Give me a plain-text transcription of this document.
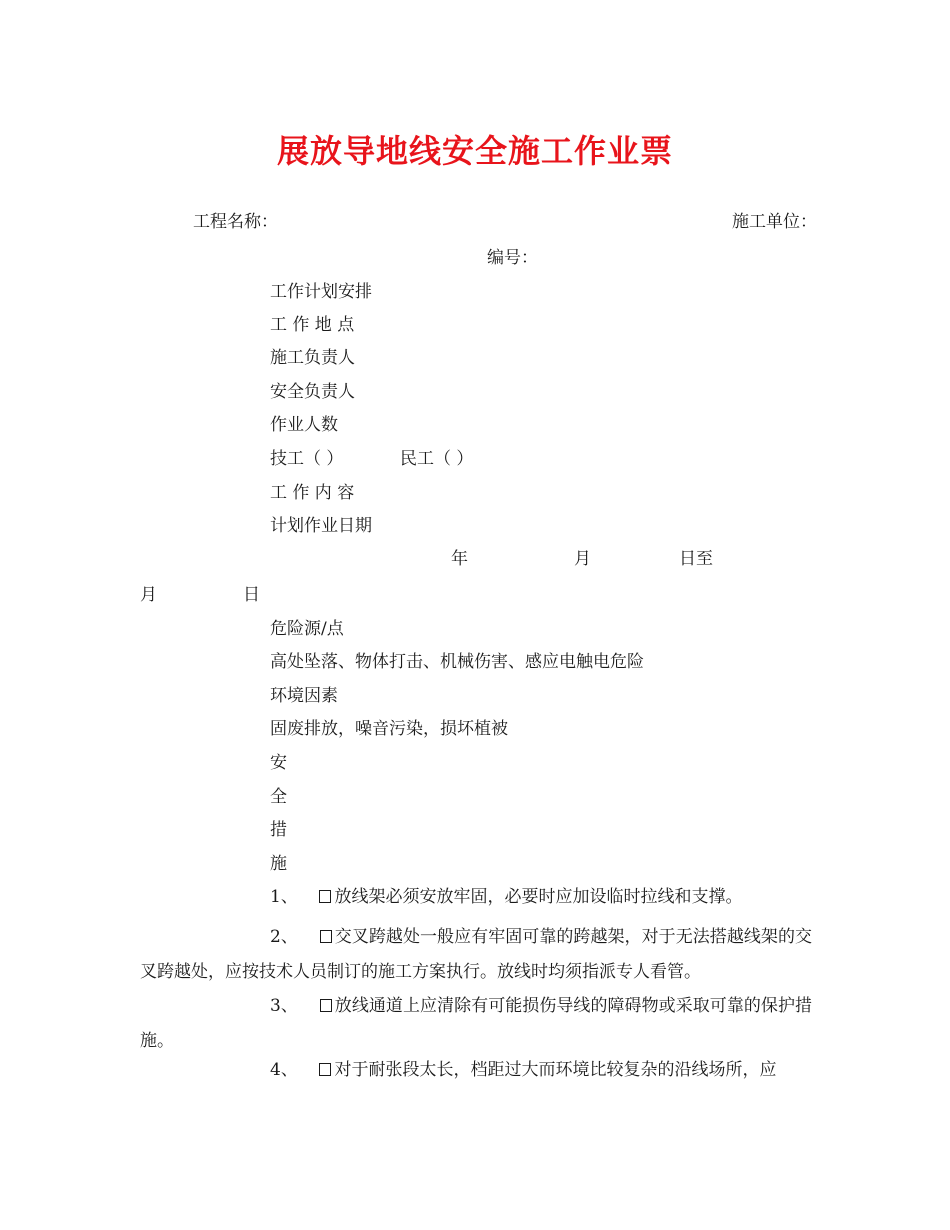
展放导地线安全施工作业票
工程名称：	施工单位：
编号：
工作计划安排
工 作 地 点
施工负责人
安全负责人
作业人数
技工（ ）	民工（ ）
工 作 内 容
计划作业日期
年	月	日至
月	日
危险源/点
高处坠落、物体打击、机械伤害、感应电触电危险
环境因素
固废排放，噪音污染，损坏植被
安
全
措
施
1、 放线架必须安放牢固，必要时应加设临时拉线和支撑。
2、 交叉跨越处一般应有牢固可靠的跨越架，对于无法搭越线架的交叉跨越处，应按技术人员制订的施工方案执行。放线时均须指派专人看管。
3、 放线通道上应清除有可能损伤导线的障碍物或采取可靠的保护措施。
4、 对于耐张段太长，档距过大而环境比较复杂的沿线场所，应
